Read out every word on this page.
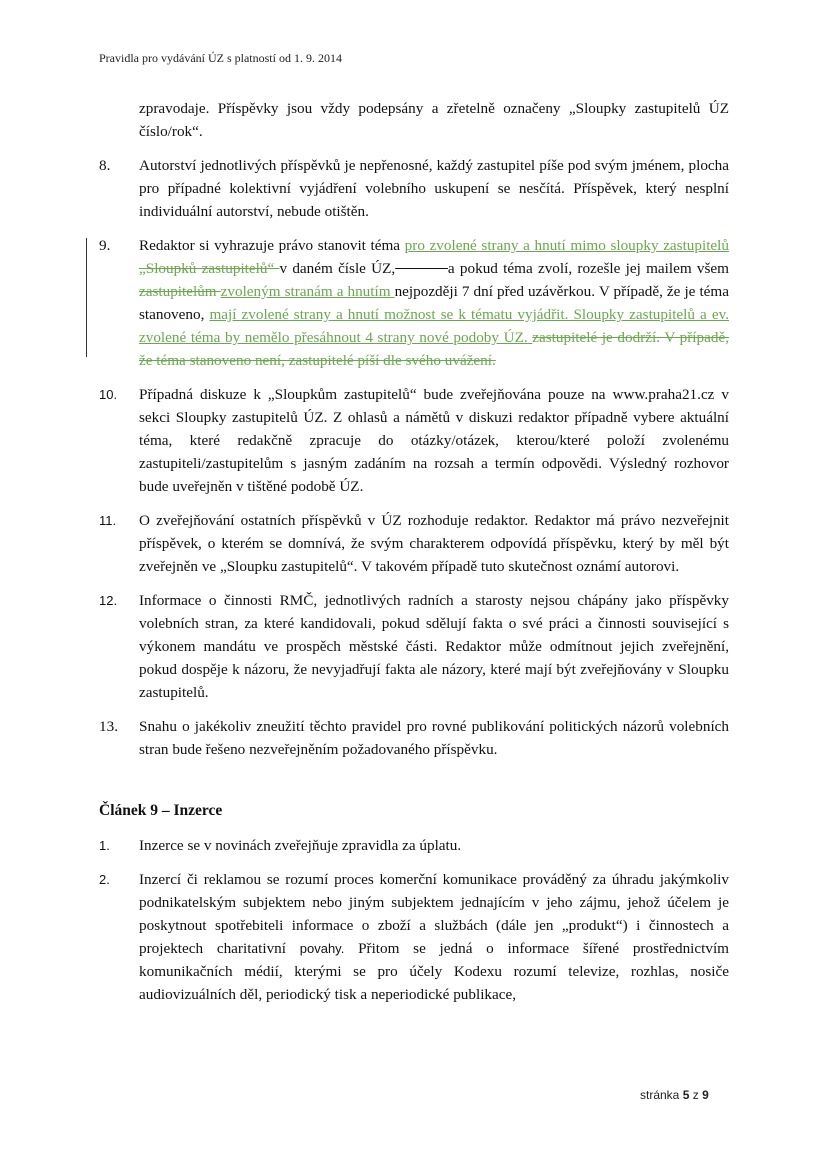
Pravidla pro vydávání ÚZ s platností od 1. 9. 2014
zpravodaje. Příspěvky jsou vždy podepsány a zřetelně označeny „Sloupky zastupitelů ÚZ číslo/rok“.
8.	Autorství jednotlivých příspěvků je nepřenosné, každý zastupitel píše pod svým jménem, plocha pro případné kolektivní vyjádření volebního uskupení se nesčítá. Příspěvek, který nesplní individuální autorství, nebude otištěn.
9.	Redaktor si vyhrazuje právo stanovit téma pro zvolené strany a hnutí mimo sloupky zastupitelů „Sloupků zastupitelů“ v daném čísle ÚZ,	a pokud téma zvolí, rozešle jej mailem všem zastupitelům zvoleným stranám a hnutím nejpozději 7 dní před uzávěrkou. V případě, že je téma stanoveno, mají zvolené strany a hnutí možnost se k tématu vyjádřit. Sloupky zastupitelů a ev. zvolené téma by nemělo přesáhnout 4 strany nové podoby ÚZ. zastupitelé je dodrží. V případě, že téma stanoveno není, zastupitelé píší dle svého uvážení.
10.	Případná diskuze k „Sloupkům zastupitelů“ bude zveřejňována pouze na www.praha21.cz v sekci Sloupky zastupitelů ÚZ. Z ohlasů a námětů v diskuzi redaktor případně vybere aktuální téma, které redakčně zpracuje do otázky/otázek, kterou/které položí zvolenému zastupiteli/zastupitelům s jasným zadáním na rozsah a termín odpovědi. Výsledný rozhovor bude uveřejněn v tištěné podobě ÚZ.
11.	O zveřejňování ostatních příspěvků v ÚZ rozhoduje redaktor. Redaktor má právo nezveřejnit příspěvek, o kterém se domnívá, že svým charakterem odpovídá příspěvku, který by měl být zveřejněn ve „Sloupku zastupitelů“. V takovém případě tuto skutečnost oznámí autorovi.
12.	Informace o činnosti RMČ, jednotlivých radních a starosty nejsou chápány jako příspěvky volebních stran, za které kandidovali, pokud sdělují fakta o své práci a činnosti související s výkonem mandátu ve prospěch městské části. Redaktor může odmítnout jejich zveřejnění, pokud dospěje k názoru, že nevyjadřují fakta ale názory, které mají být zveřejňovány v Sloupku zastupitelů.
13.	Snahu o jakékoliv zneužití těchto pravidel pro rovné publikování politických názorů volebních stran bude řešeno nezveřejněním požadovaného příspěvku.
Článek 9 – Inzerce
1.	Inzerce se v novinách zveřejňuje zpravidla za úplatu.
2.	Inzercí či reklamou se rozumí proces komerční komunikace prováděný za úhradu jakýmkoliv podnikatelským subjektem nebo jiným subjektem jednajícím v jeho zájmu, jehož účelem je poskytnout spotřebiteli informace o zboží a službách (dále jen „produkt“) i činnostech a projektech charitativní povahy. Přitom se jedná o informace šířené prostřednictvím komunikačních médií, kterými se pro účely Kodexu rozumí televize, rozhlas, nosiče audiovizuálních děl, periodický tisk a neperiodické publikace,
stránka 5 z 9
